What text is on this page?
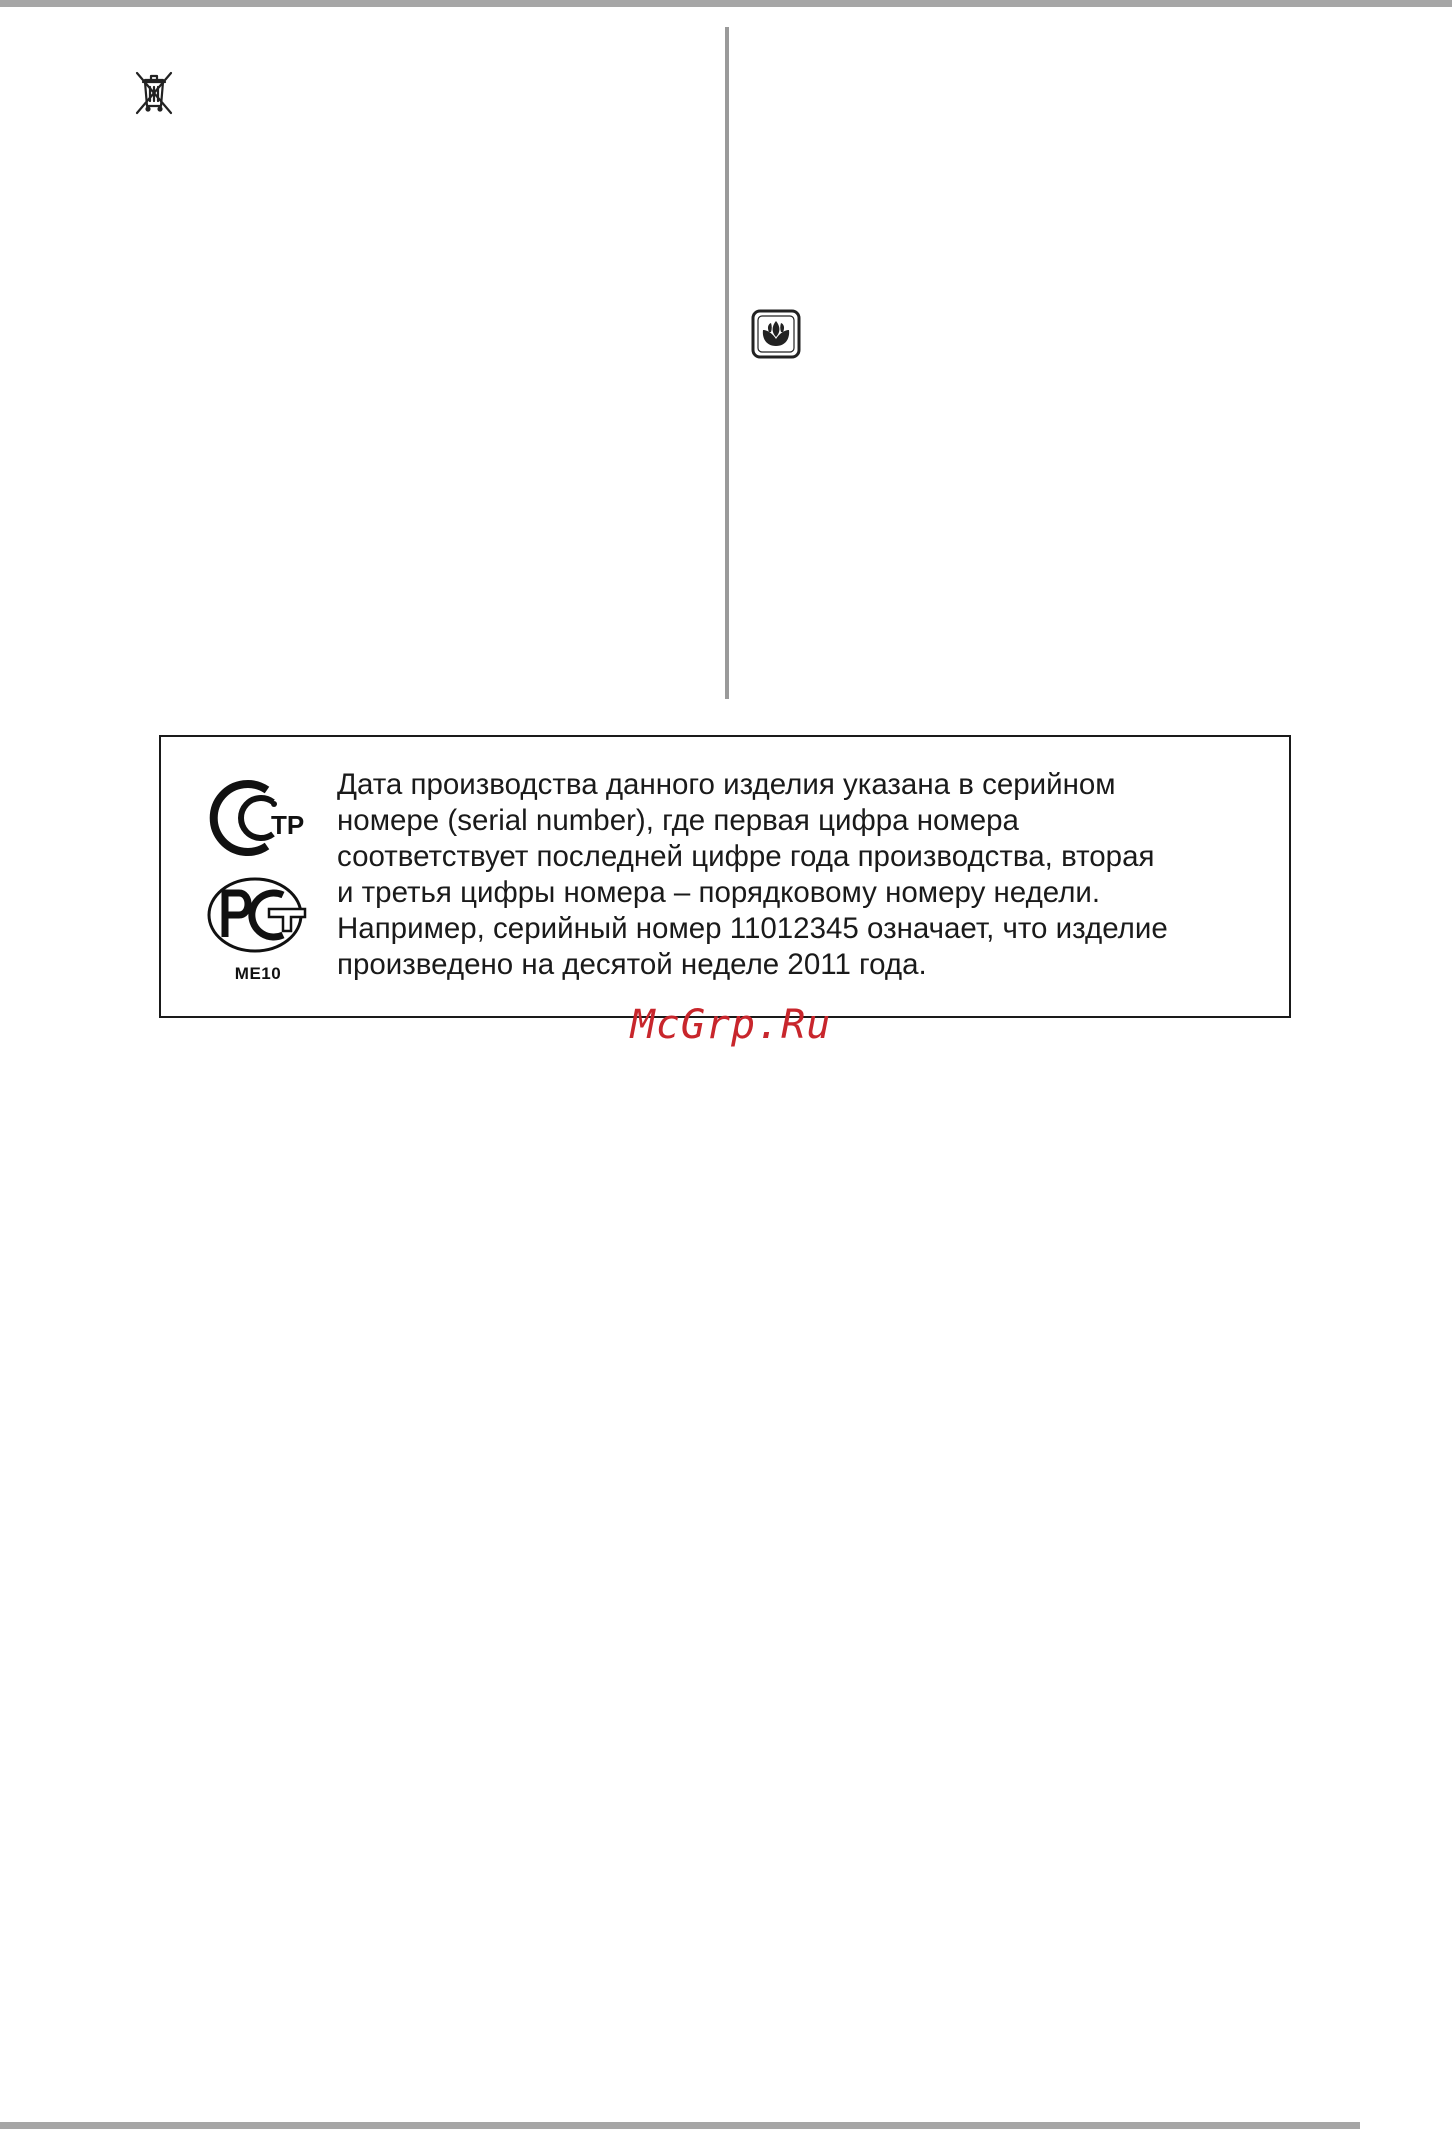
TP
ME10
Дата производства данного изделия указана в серийном
номере (serial number), где первая цифра номера
соответствует последней цифре года производства, вторая
и третья цифры номера – порядковому номеру недели.
Например, серийный номер 11012345 означает, что изделие
произведено на десятой неделе 2011 года.
McGrp.Ru
